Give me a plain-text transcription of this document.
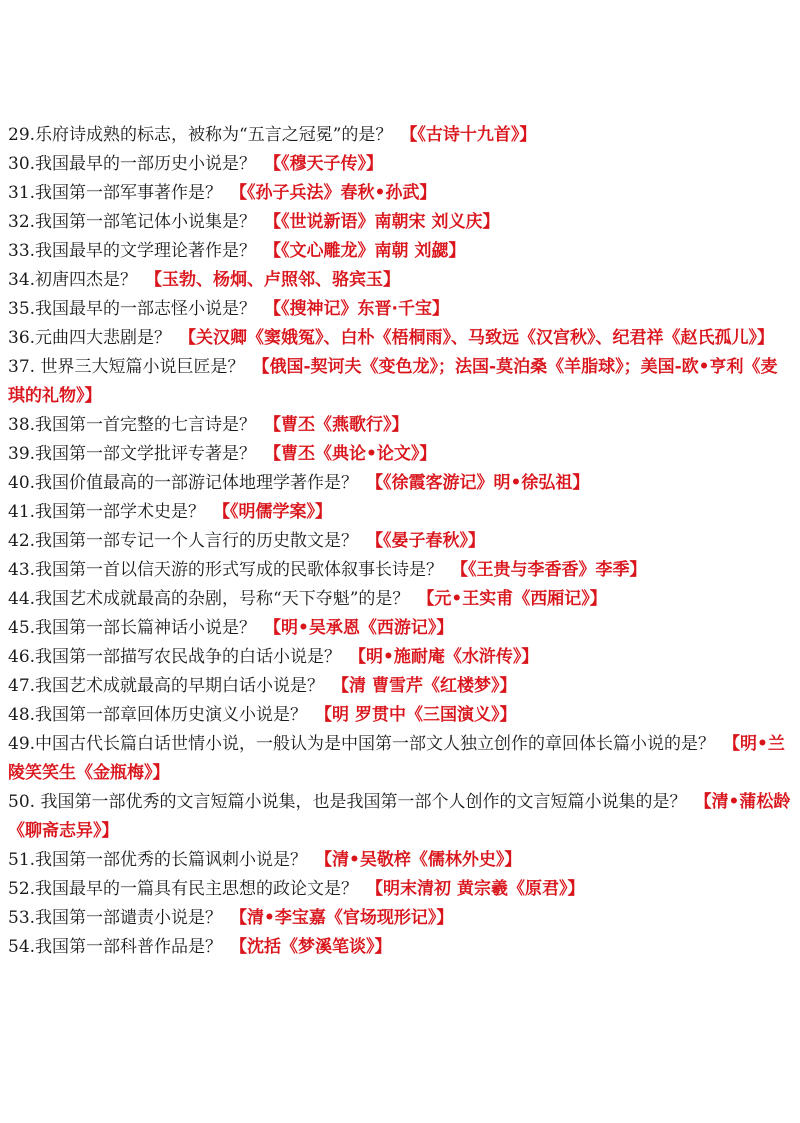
29.乐府诗成熟的标志，被称为“五言之冠冕”的是？ 【《古诗十九首》】
30.我国最早的一部历史小说是？ 【《穆天子传》】
31.我国第一部军事著作是？ 【《孙子兵法》春秋•孙武】
32.我国第一部笔记体小说集是？ 【《世说新语》南朝宋 刘义庆】
33.我国最早的文学理论著作是？ 【《文心雕龙》南朝 刘勰】
34.初唐四杰是？ 【玉勃、杨炯、卢照邻、骆宾玉】
35.我国最早的一部志怪小说是？ 【《搜神记》东晋·千宝】
36.元曲四大悲剧是？ 【关汉卿《窦娥冤》、白朴《梧桐雨》、马致远《汉宫秋》、纪君祥《赵氏孤儿》】
37. 世界三大短篇小说巨匠是？ 【俄国-契诃夫《变色龙》；法国-莫泊桑《羊脂球》；美国-欧•亨利《麦琪的礼物》】
38.我国第一首完整的七言诗是？ 【曹丕《燕歌行》】
39.我国第一部文学批评专著是？ 【曹丕《典论•论文》】
40.我国价值最高的一部游记体地理学著作是？ 【《徐霞客游记》明•徐弘祖】
41.我国第一部学术史是？ 【《明儒学案》】
42.我国第一部专记一个人言行的历史散文是？ 【《晏子春秋》】
43.我国第一首以信天游的形式写成的民歌体叙事长诗是？ 【《王贵与李香香》李季】
44.我国艺术成就最高的杂剧，号称“天下夺魁”的是？ 【元•王实甫《西厢记》】
45.我国第一部长篇神话小说是？ 【明•吴承恩《西游记》】
46.我国第一部描写农民战争的白话小说是？ 【明•施耐庵《水浒传》】
47.我国艺术成就最高的早期白话小说是？ 【清 曹雪芹《红楼梦》】
48.我国第一部章回体历史演义小说是？ 【明 罗贯中《三国演义》】
49.中国古代长篇白话世情小说，一般认为是中国第一部文人独立创作的章回体长篇小说的是？ 【明•兰陵笑笑生《金瓶梅》】
50. 我国第一部优秀的文言短篇小说集，也是我国第一部个人创作的文言短篇小说集的是？ 【清•蒲松龄《聊斋志异》】
51.我国第一部优秀的长篇讽刺小说是？ 【清•吴敬梓《儒林外史》】
52.我国最早的一篇具有民主思想的政论文是？ 【明末清初 黄宗羲《原君》】
53.我国第一部谴责小说是？ 【清•李宝嘉《官场现形记》】
54.我国第一部科普作品是？ 【沈括《梦溪笔谈》】
